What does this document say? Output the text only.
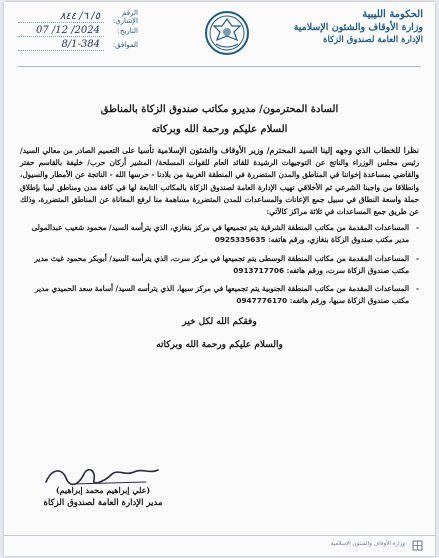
الحكومة الليبية
وزارة الأوقاف والشئون الإسلامية
الإدارة العامة لصندوق الزكاة
الرقم الإشاري:
٥/ ٦/ ٨٤٤
التاريخ:
2024/ 12/ 07
الموافق:
8/1-384

السادة المحترمون/ مديرو مكاتب صندوق الزكاة بالمناطق

السلام عليكم ورحمة الله وبركاته

نظرا للخطاب الذي وجهه إلينا السيد المحترم/ وزير الأوقاف والشئون الإسلامية تأسيا على التعميم الصادر من معالي السيد/ رئيس مجلس الوزراء والناتج عن التوجيهات الرشيدة للقائد العام للقوات المسلحة/ المشير أركان حرب/ خليفة بالقاسم حفتر والقاضي بمساعدة إخواننا في المناطق والمدن المتضررة في المنطقة الغربية من بلادنا - حرسها الله - الناتجة عن الأمطار والسيول، وانطلاقا من واجبنا الشرعي ثم الأخلاقي تهيب الإدارة العامة لصندوق الزكاة بالمكاتب التابعة لها في كافة مدن ومناطق ليبيا بإطلاق حملة واسعة النطاق في سبيل جمع الإعانات والمساعدات للمدن المتضررة مساهمة منا لرفع المعاناة عن المناطق المتضررة، وذلك عن طريق جمع المساعدات في ثلاثة مراكز كالآتي:

- المساعدات المقدمة من مكاتب المنطقة الشرقية يتم تجميعها في مركز بنغازي، الذي يترأسه السيد/ محمود شعيب عبدالمولى مدير مكتب صندوق الزكاة بنغازي، ورقم هاتفه: 0925335635
- المساعدات المقدمة من مكاتب المنطقة الوسطى يتم تجميعها في مركز سرت، الذي يترأسه السيد/ أبوبكر محمود غيث مدير مكتب صندوق الزكاة سرت، ورقم هاتفه: 0913717706
- المساعدات المقدمة من مكاتب المنطقة الجنوبية يتم تجميعها في مركز سبها، الذي يترأسه السيد/ أسامة سعد الحميدي مدير مكتب صندوق الزكاة سبها، ورقم هاتفه: 0947776170

وفقكم الله لكل خير

والسلام عليكم ورحمة الله وبركاته

(علي إبراهيم محمد إبراهيم)
مدير الإدارة العامة لصندوق الزكاة
وزارة الأوقاف والشئون الإسلامية
